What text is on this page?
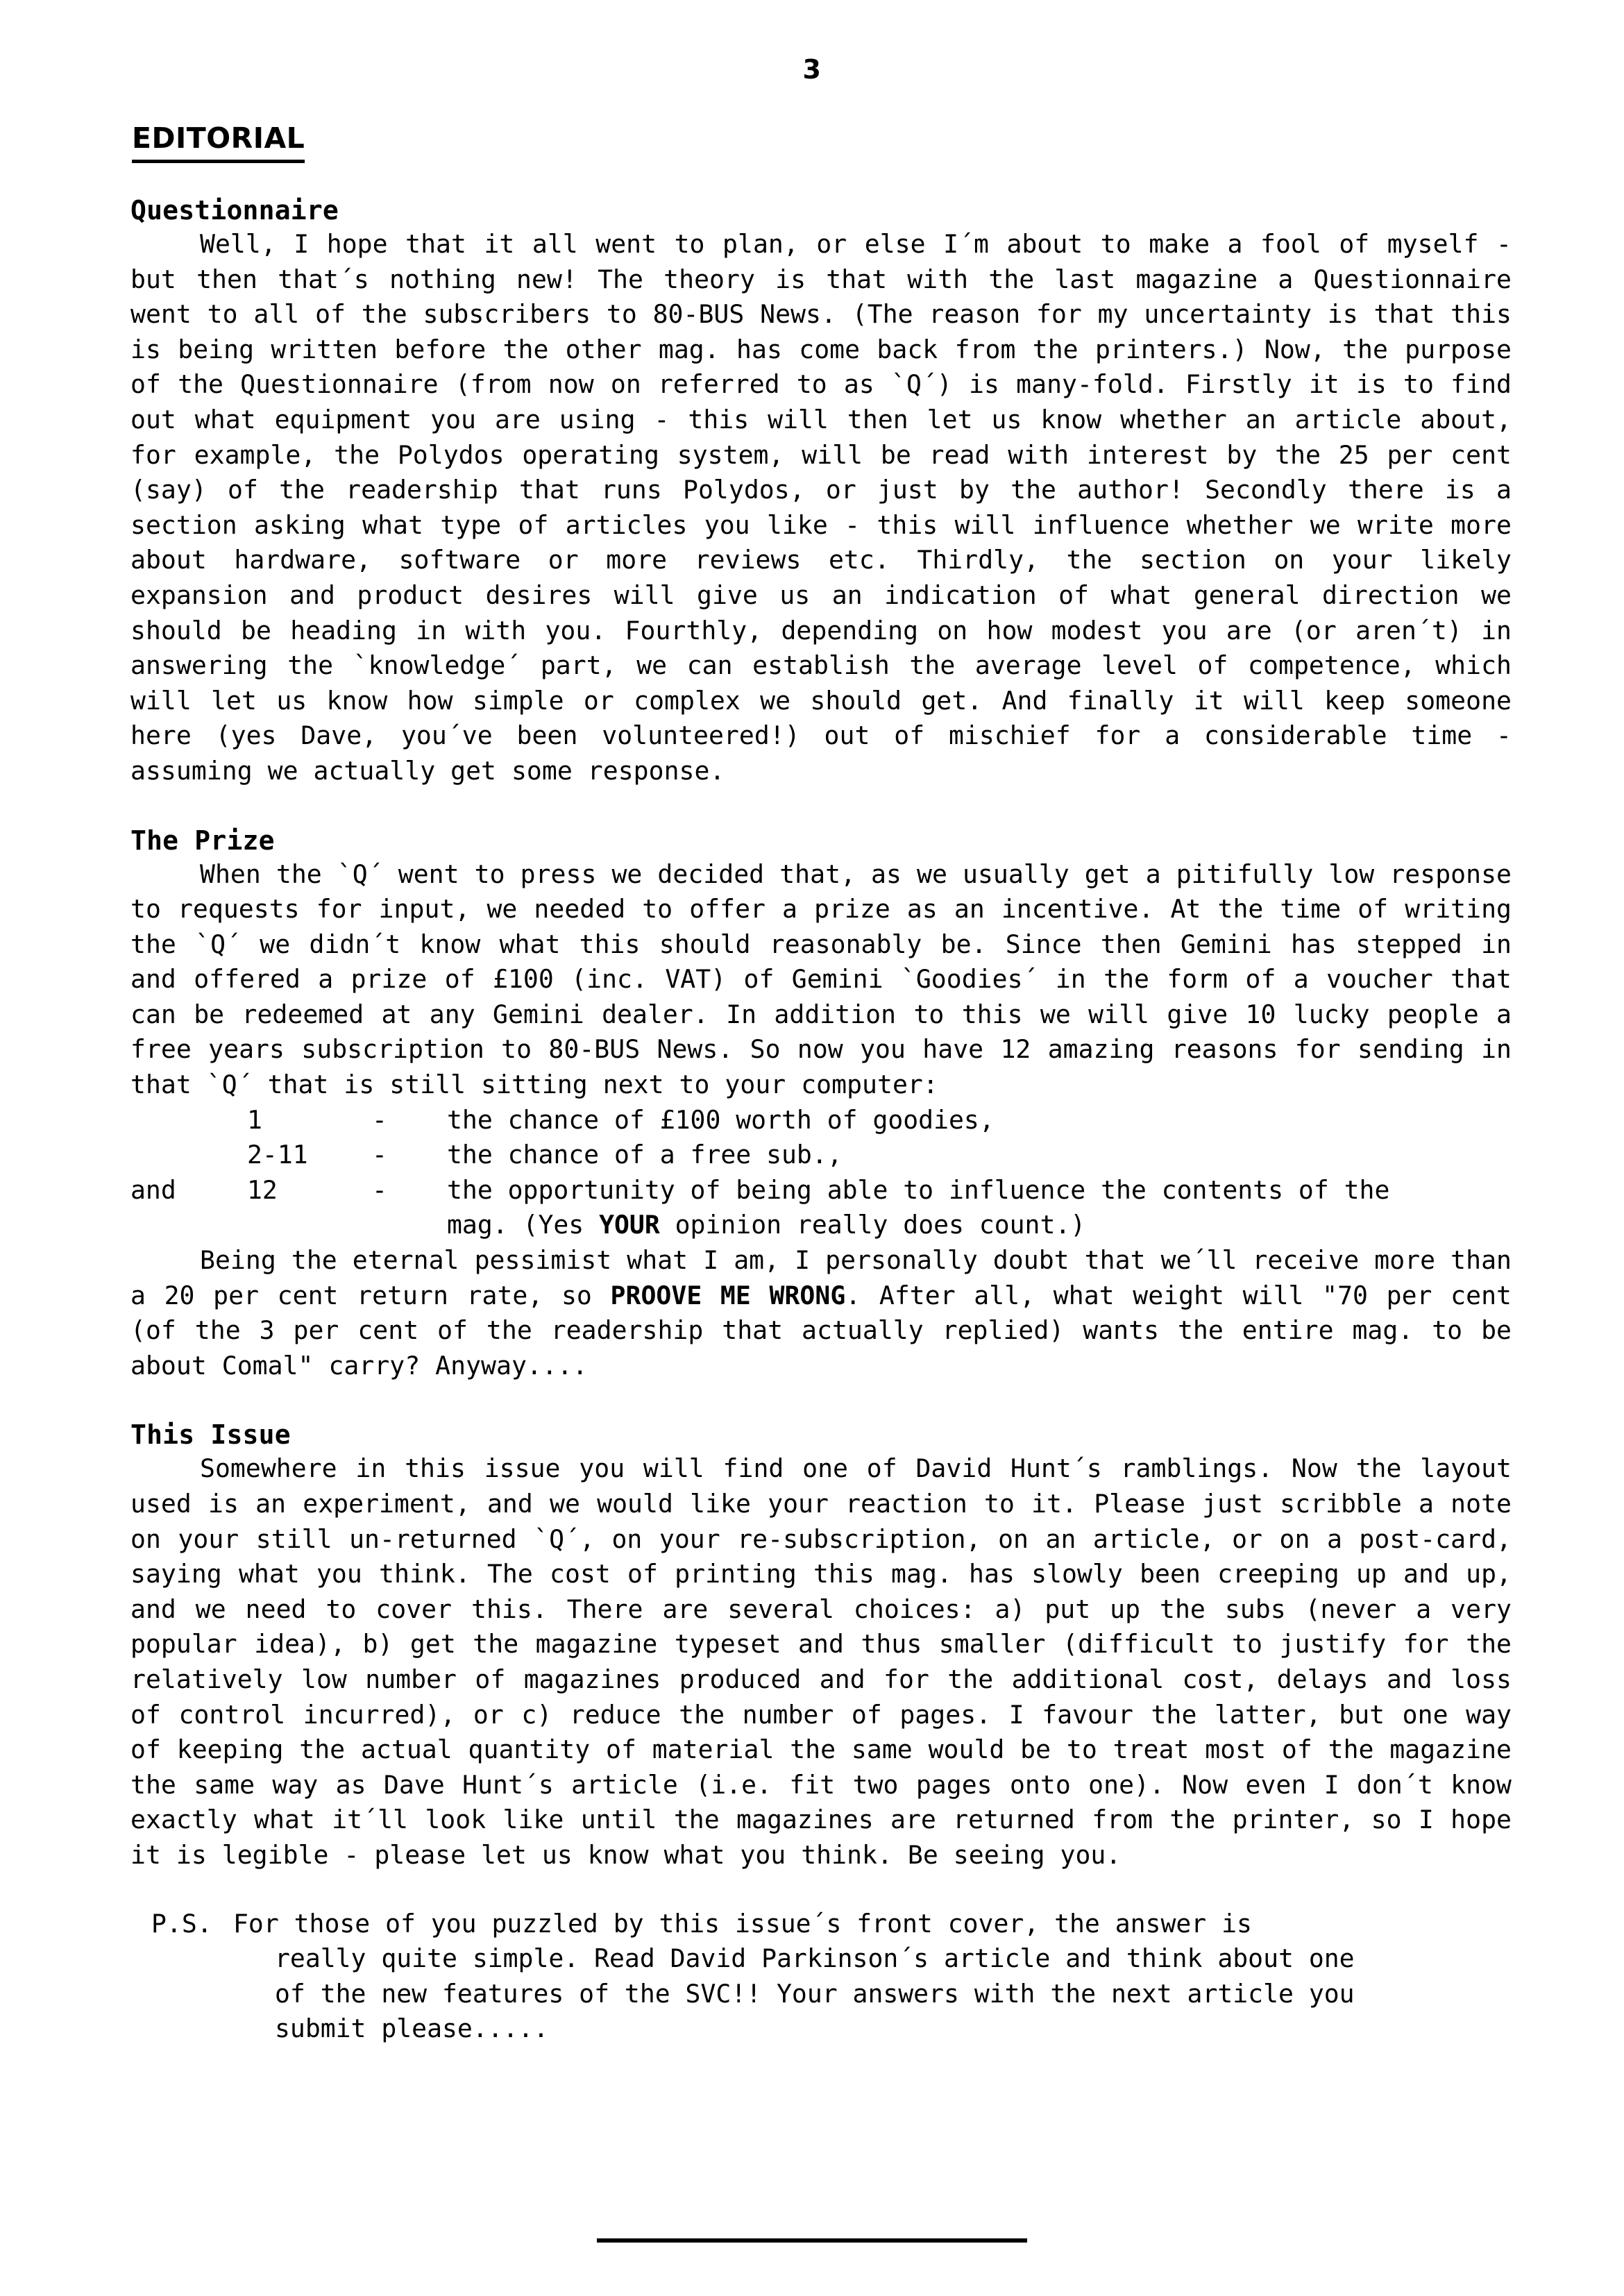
3
EDITORIAL
Questionnaire

Well, I hope that it all went to plan, or else I´m about to make a fool of myself - but then that´s nothing new! The theory is that with the last magazine a Questionnaire went to all of the subscribers to 80-BUS News. (The reason for my uncertainty is that this is being written before the other mag. has come back from the printers.) Now, the purpose of the Questionnaire (from now on referred to as `Q´) is many-fold. Firstly it is to find out what equipment you are using - this will then let us know whether an article about, for example, the Polydos operating system, will be read with interest by the 25 per cent (say) of the readership that runs Polydos, or just by the author! Secondly there is a section asking what type of articles you like - this will influence whether we write more about hardware, software or more reviews etc. Thirdly, the section on your likely expansion and product desires will give us an indication of what general direction we should be heading in with you. Fourthly, depending on how modest you are (or aren´t) in answering the `knowledge´ part, we can establish the average level of competence, which will let us know how simple or complex we should get. And finally it will keep someone here (yes Dave, you´ve been volunteered!) out of mischief for a considerable time - assuming we actually get some response.

The Prize

When the `Q´ went to press we decided that, as we usually get a pitifully low response to requests for input, we needed to offer a prize as an incentive. At the time of writing the `Q´ we didn´t know what this should reasonably be. Since then Gemini has stepped in and offered a prize of £100 (inc. VAT) of Gemini `Goodies´ in the form of a voucher that can be redeemed at any Gemini dealer. In addition to this we will give 10 lucky people a free years subscription to 80-BUS News. So now you have 12 amazing reasons for sending in that `Q´ that is still sitting next to your computer:

1	-	the chance of £100 worth of goodies,
2-11	-	the chance of a free sub.,
and	12	-	the opportunity of being able to influence the contents of the
mag. (Yes YOUR opinion really does count.)

Being the eternal pessimist what I am, I personally doubt that we´ll receive more than a 20 per cent return rate, so PROOVE ME WRONG. After all, what weight will "70 per cent (of the 3 per cent of the readership that actually replied) wants the entire mag. to be about Comal" carry? Anyway....

This Issue

Somewhere in this issue you will find one of David Hunt´s ramblings. Now the layout used is an experiment, and we would like your reaction to it. Please just scribble a note on your still un-returned `Q´, on your re-subscription, on an article, or on a post-card, saying what you think. The cost of printing this mag. has slowly been creeping up and up, and we need to cover this. There are several choices: a) put up the subs (never a very popular idea), b) get the magazine typeset and thus smaller (difficult to justify for the relatively low number of magazines produced and for the additional cost, delays and loss of control incurred), or c) reduce the number of pages. I favour the latter, but one way of keeping the actual quantity of material the same would be to treat most of the magazine the same way as Dave Hunt´s article (i.e. fit two pages onto one). Now even I don´t know exactly what it´ll look like until the magazines are returned from the printer, so I hope it is legible - please let us know what you think. Be seeing you.

P.S. For those of you puzzled by this issue´s front cover, the answer is
really quite simple. Read David Parkinson´s article and think about one
of the new features of the SVC!! Your answers with the next article you
submit please.....
